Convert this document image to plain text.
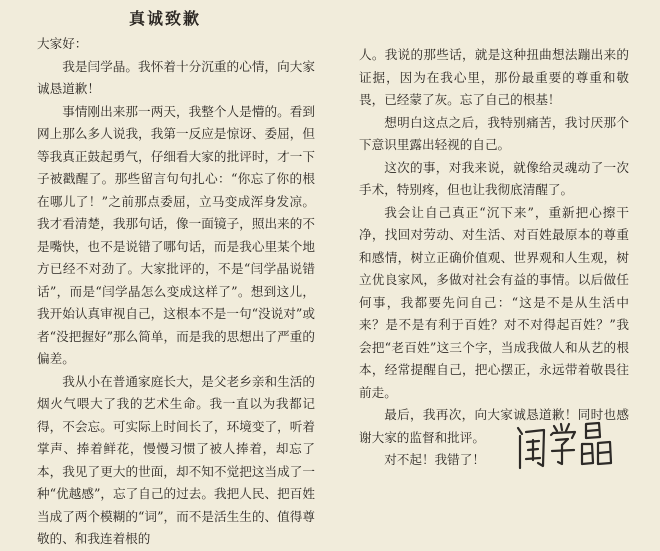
真诚致歉

大家好：

我是闫学晶。我怀着十分沉重的心情，向大家诚恳道歉！

事情刚出来那一两天，我整个人是懵的。看到网上那么多人说我，我第一反应是惊讶、委屈，但等我真正鼓起勇气，仔细看大家的批评时，才一下子被戳醒了。那些留言句句扎心：“你忘了你的根在哪儿了！”之前那点委屈，立马变成浑身发凉。我才看清楚，我那句话，像一面镜子，照出来的不是嘴快，也不是说错了哪句话，而是我心里某个地方已经不对劲了。大家批评的，不是“闫学晶说错话”，而是“闫学晶怎么变成这样了”。想到这儿，我开始认真审视自己，这根本不是一句“没说对”或者“没把握好”那么简单，而是我的思想出了严重的偏差。

我从小在普通家庭长大，是父老乡亲和生活的烟火气喂大了我的艺术生命。我一直以为我都记得，不会忘。可实际上时间长了，环境变了，听着掌声、捧着鲜花，慢慢习惯了被人捧着，却忘了本，我见了更大的世面，却不知不觉把这当成了一种“优越感”，忘了自己的过去。我把人民、把百姓当成了两个模糊的“词”，而不是活生生的、值得尊敬的、和我连着根的

人。我说的那些话，就是这种扭曲想法蹦出来的证据，因为在我心里，那份最重要的尊重和敬畏，已经蒙了灰。忘了自己的根基！

想明白这点之后，我特别痛苦，我讨厌那个下意识里露出轻视的自己。

这次的事，对我来说，就像给灵魂动了一次手术，特别疼，但也让我彻底清醒了。

我会让自己真正“沉下来”，重新把心擦干净，找回对劳动、对生活、对百姓最原本的尊重和感情，树立正确价值观、世界观和人生观，树立优良家风，多做对社会有益的事情。以后做任何事，我都要先问自己：“这是不是从生活中来？是不是有利于百姓？对不对得起百姓？”我会把“老百姓”这三个字，当成我做人和从艺的根本，经常提醒自己，把心摆正，永远带着敬畏往前走。

最后，我再次，向大家诚恳道歉！同时也感谢大家的监督和批评。

对不起！我错了！
